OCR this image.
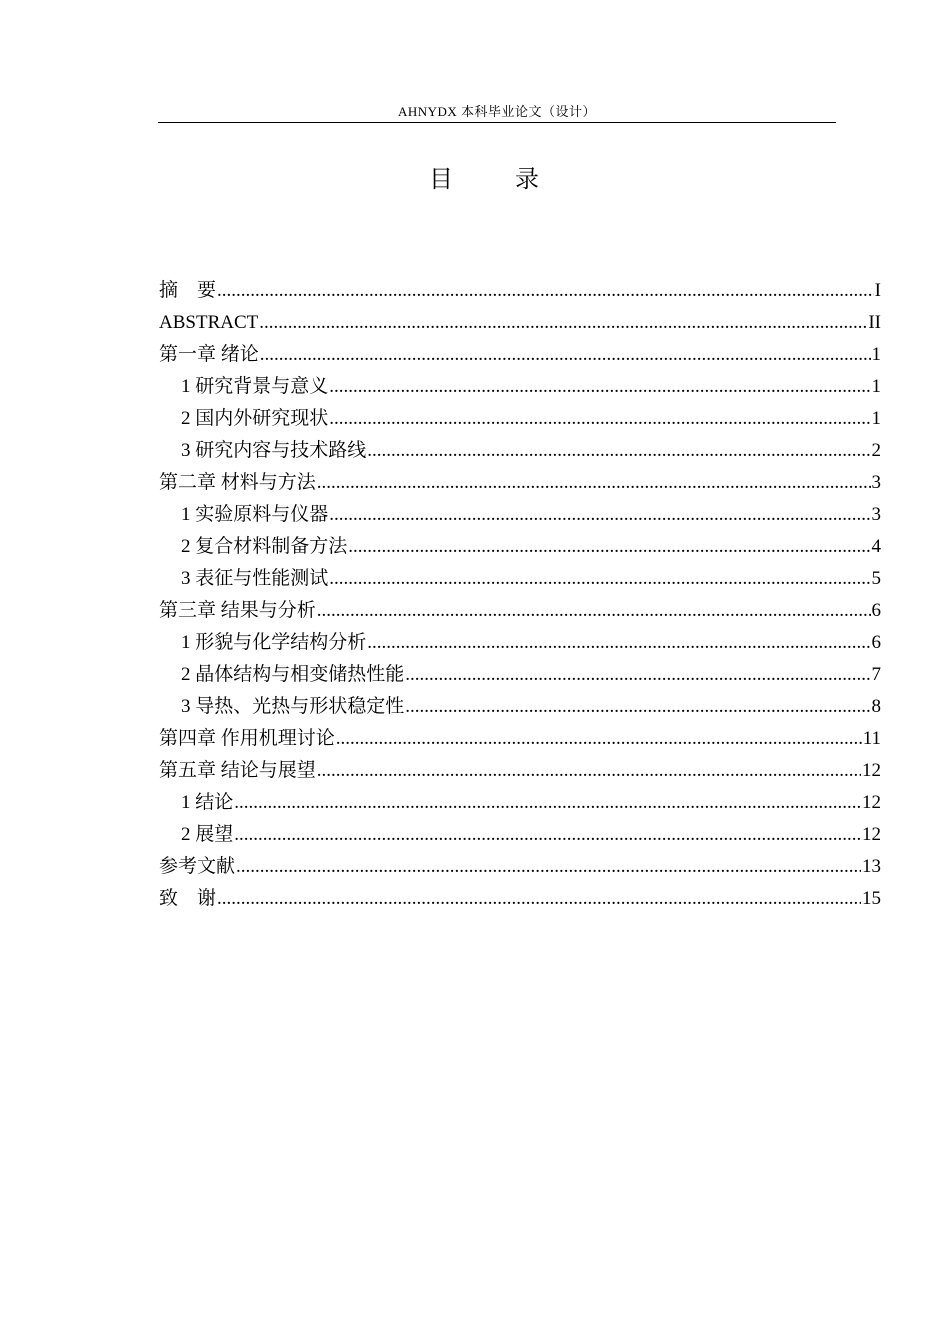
AHNYDX 本科毕业论文（设计）
目 录
摘　要 .....	I
ABSTRACT .....	II
第一章 绪论 .....	1
1 研究背景与意义 .....	1
2 国内外研究现状 .....	1
3 研究内容与技术路线 .....	2
第二章 材料与方法 .....	3
1 实验原料与仪器 .....	3
2 复合材料制备方法 .....	4
3 表征与性能测试 .....	5
第三章 结果与分析 .....	6
1 形貌与化学结构分析 .....	6
2 晶体结构与相变储热性能 .....	7
3 导热、光热与形状稳定性 .....	8
第四章 作用机理讨论 .....	11
第五章 结论与展望 .....	12
1 结论 .....	12
2 展望 .....	12
参考文献 .....	13
致　谢 .....	15
